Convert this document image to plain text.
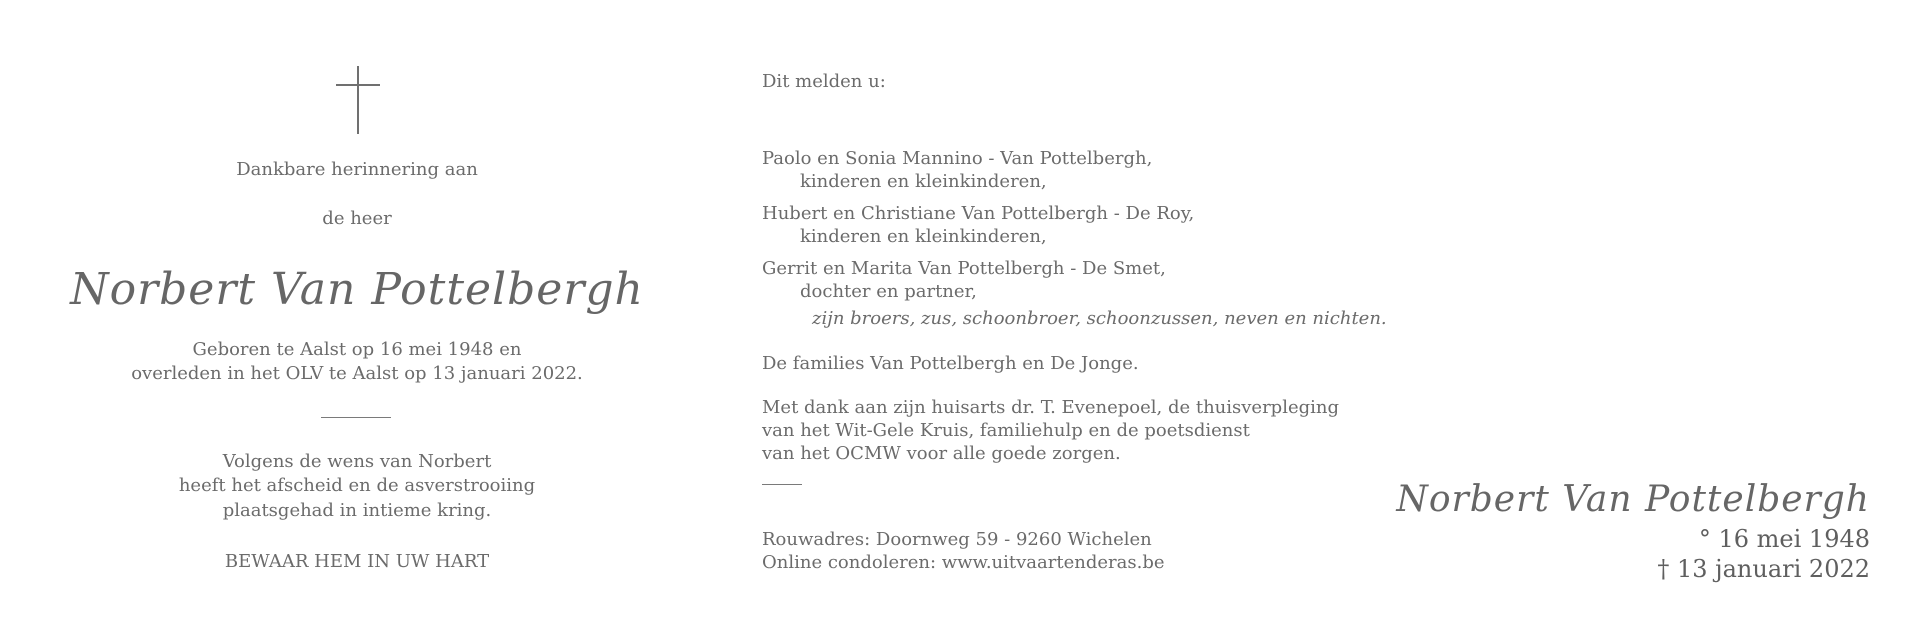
Dankbare herinnering aan
de heer
Norbert Van Pottelbergh
Geboren te Aalst op 16 mei 1948 en
overleden in het OLV te Aalst op 13 januari 2022.
Volgens de wens van Norbert
heeft het afscheid en de asverstrooiing
plaatsgehad in intieme kring.
BEWAAR HEM IN UW HART
Dit melden u:
Paolo en Sonia Mannino - Van Pottelbergh,
kinderen en kleinkinderen,
Hubert en Christiane Van Pottelbergh - De Roy,
kinderen en kleinkinderen,
Gerrit en Marita Van Pottelbergh - De Smet,
dochter en partner,
zijn broers, zus, schoonbroer, schoonzussen, neven en nichten.
De families Van Pottelbergh en De Jonge.
Met dank aan zijn huisarts dr. T. Evenepoel, de thuisverpleging
van het Wit-Gele Kruis, familiehulp en de poetsdienst
van het OCMW voor alle goede zorgen.
Rouwadres: Doornweg 59 - 9260 Wichelen
Online condoleren: www.uitvaartenderas.be
Norbert Van Pottelbergh
° 16 mei 1948
† 13 januari 2022
